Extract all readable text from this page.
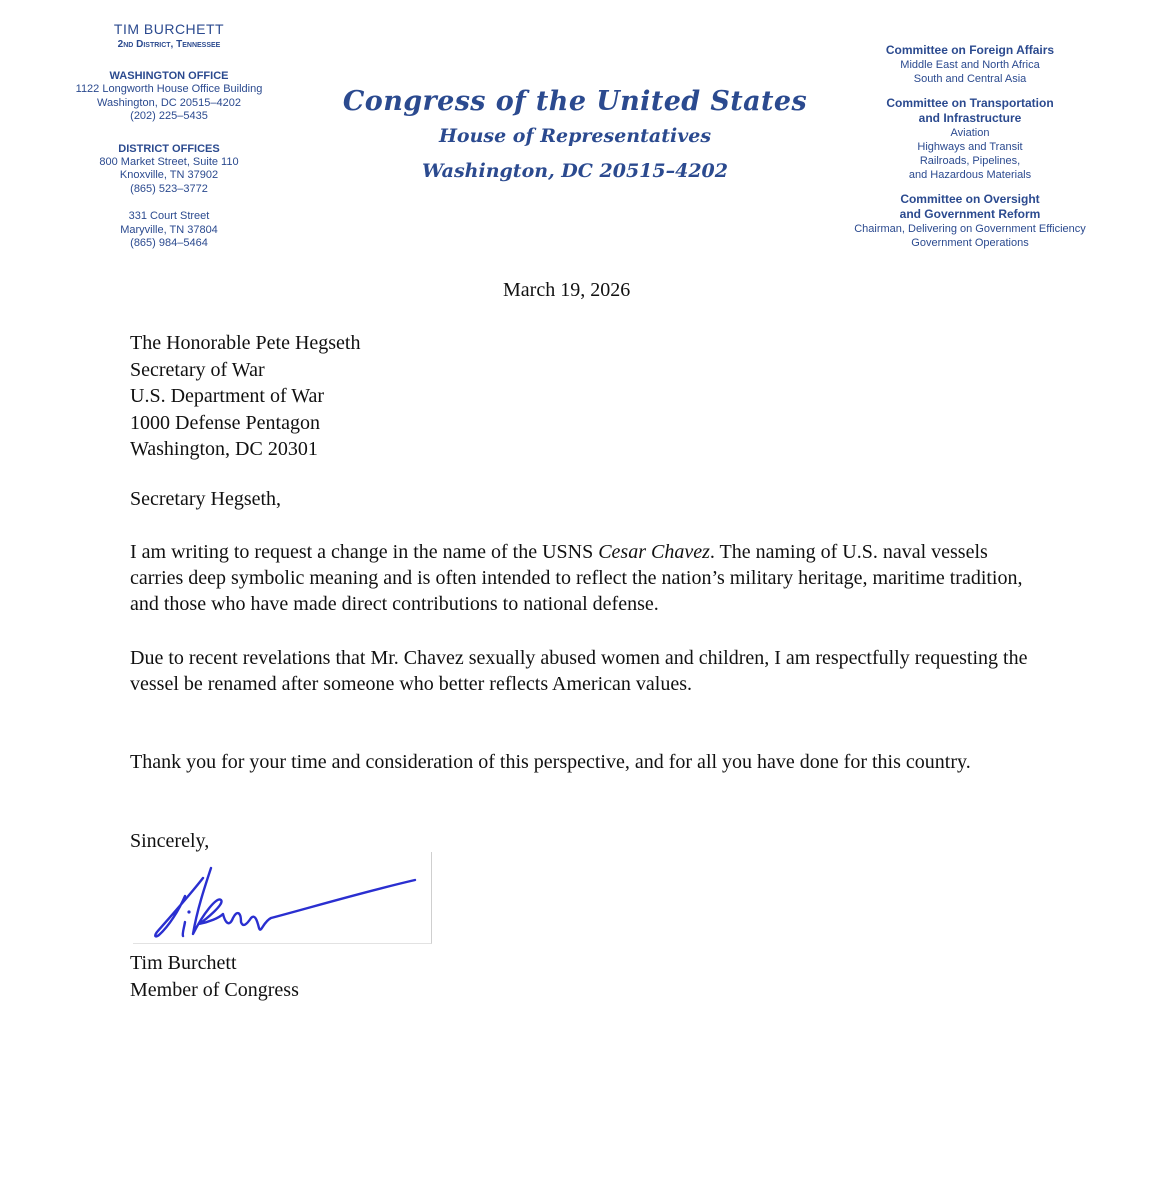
TIM BURCHETT
2nd District, Tennessee
WASHINGTON OFFICE
1122 Longworth House Office Building
Washington, DC 20515–4202
(202) 225–5435
DISTRICT OFFICES
800 Market Street, Suite 110
Knoxville, TN 37902
(865) 523–3772
331 Court Street
Maryville, TN 37804
(865) 984–5464
Congress of the United States
House of Representatives
Washington, DC 20515–4202
Committee on Foreign Affairs
Middle East and North Africa
South and Central Asia
Committee on Transportation
and Infrastructure
Aviation
Highways and Transit
Railroads, Pipelines,
and Hazardous Materials
Committee on Oversight
and Government Reform
Chairman, Delivering on Government Efficiency
Government Operations
March 19, 2026
The Honorable Pete Hegseth
Secretary of War
U.S. Department of War
1000 Defense Pentagon
Washington, DC 20301
Secretary Hegseth,

I am writing to request a change in the name of the USNS Cesar Chavez. The naming of U.S. naval vessels carries deep symbolic meaning and is often intended to reflect the nation’s military heritage, maritime tradition, and those who have made direct contributions to national defense.

Due to recent revelations that Mr. Chavez sexually abused women and children, I am respectfully requesting the vessel be renamed after someone who better reflects American values.

Thank you for your time and consideration of this perspective, and for all you have done for this country.

Sincerely,
Tim Burchett
Member of Congress
